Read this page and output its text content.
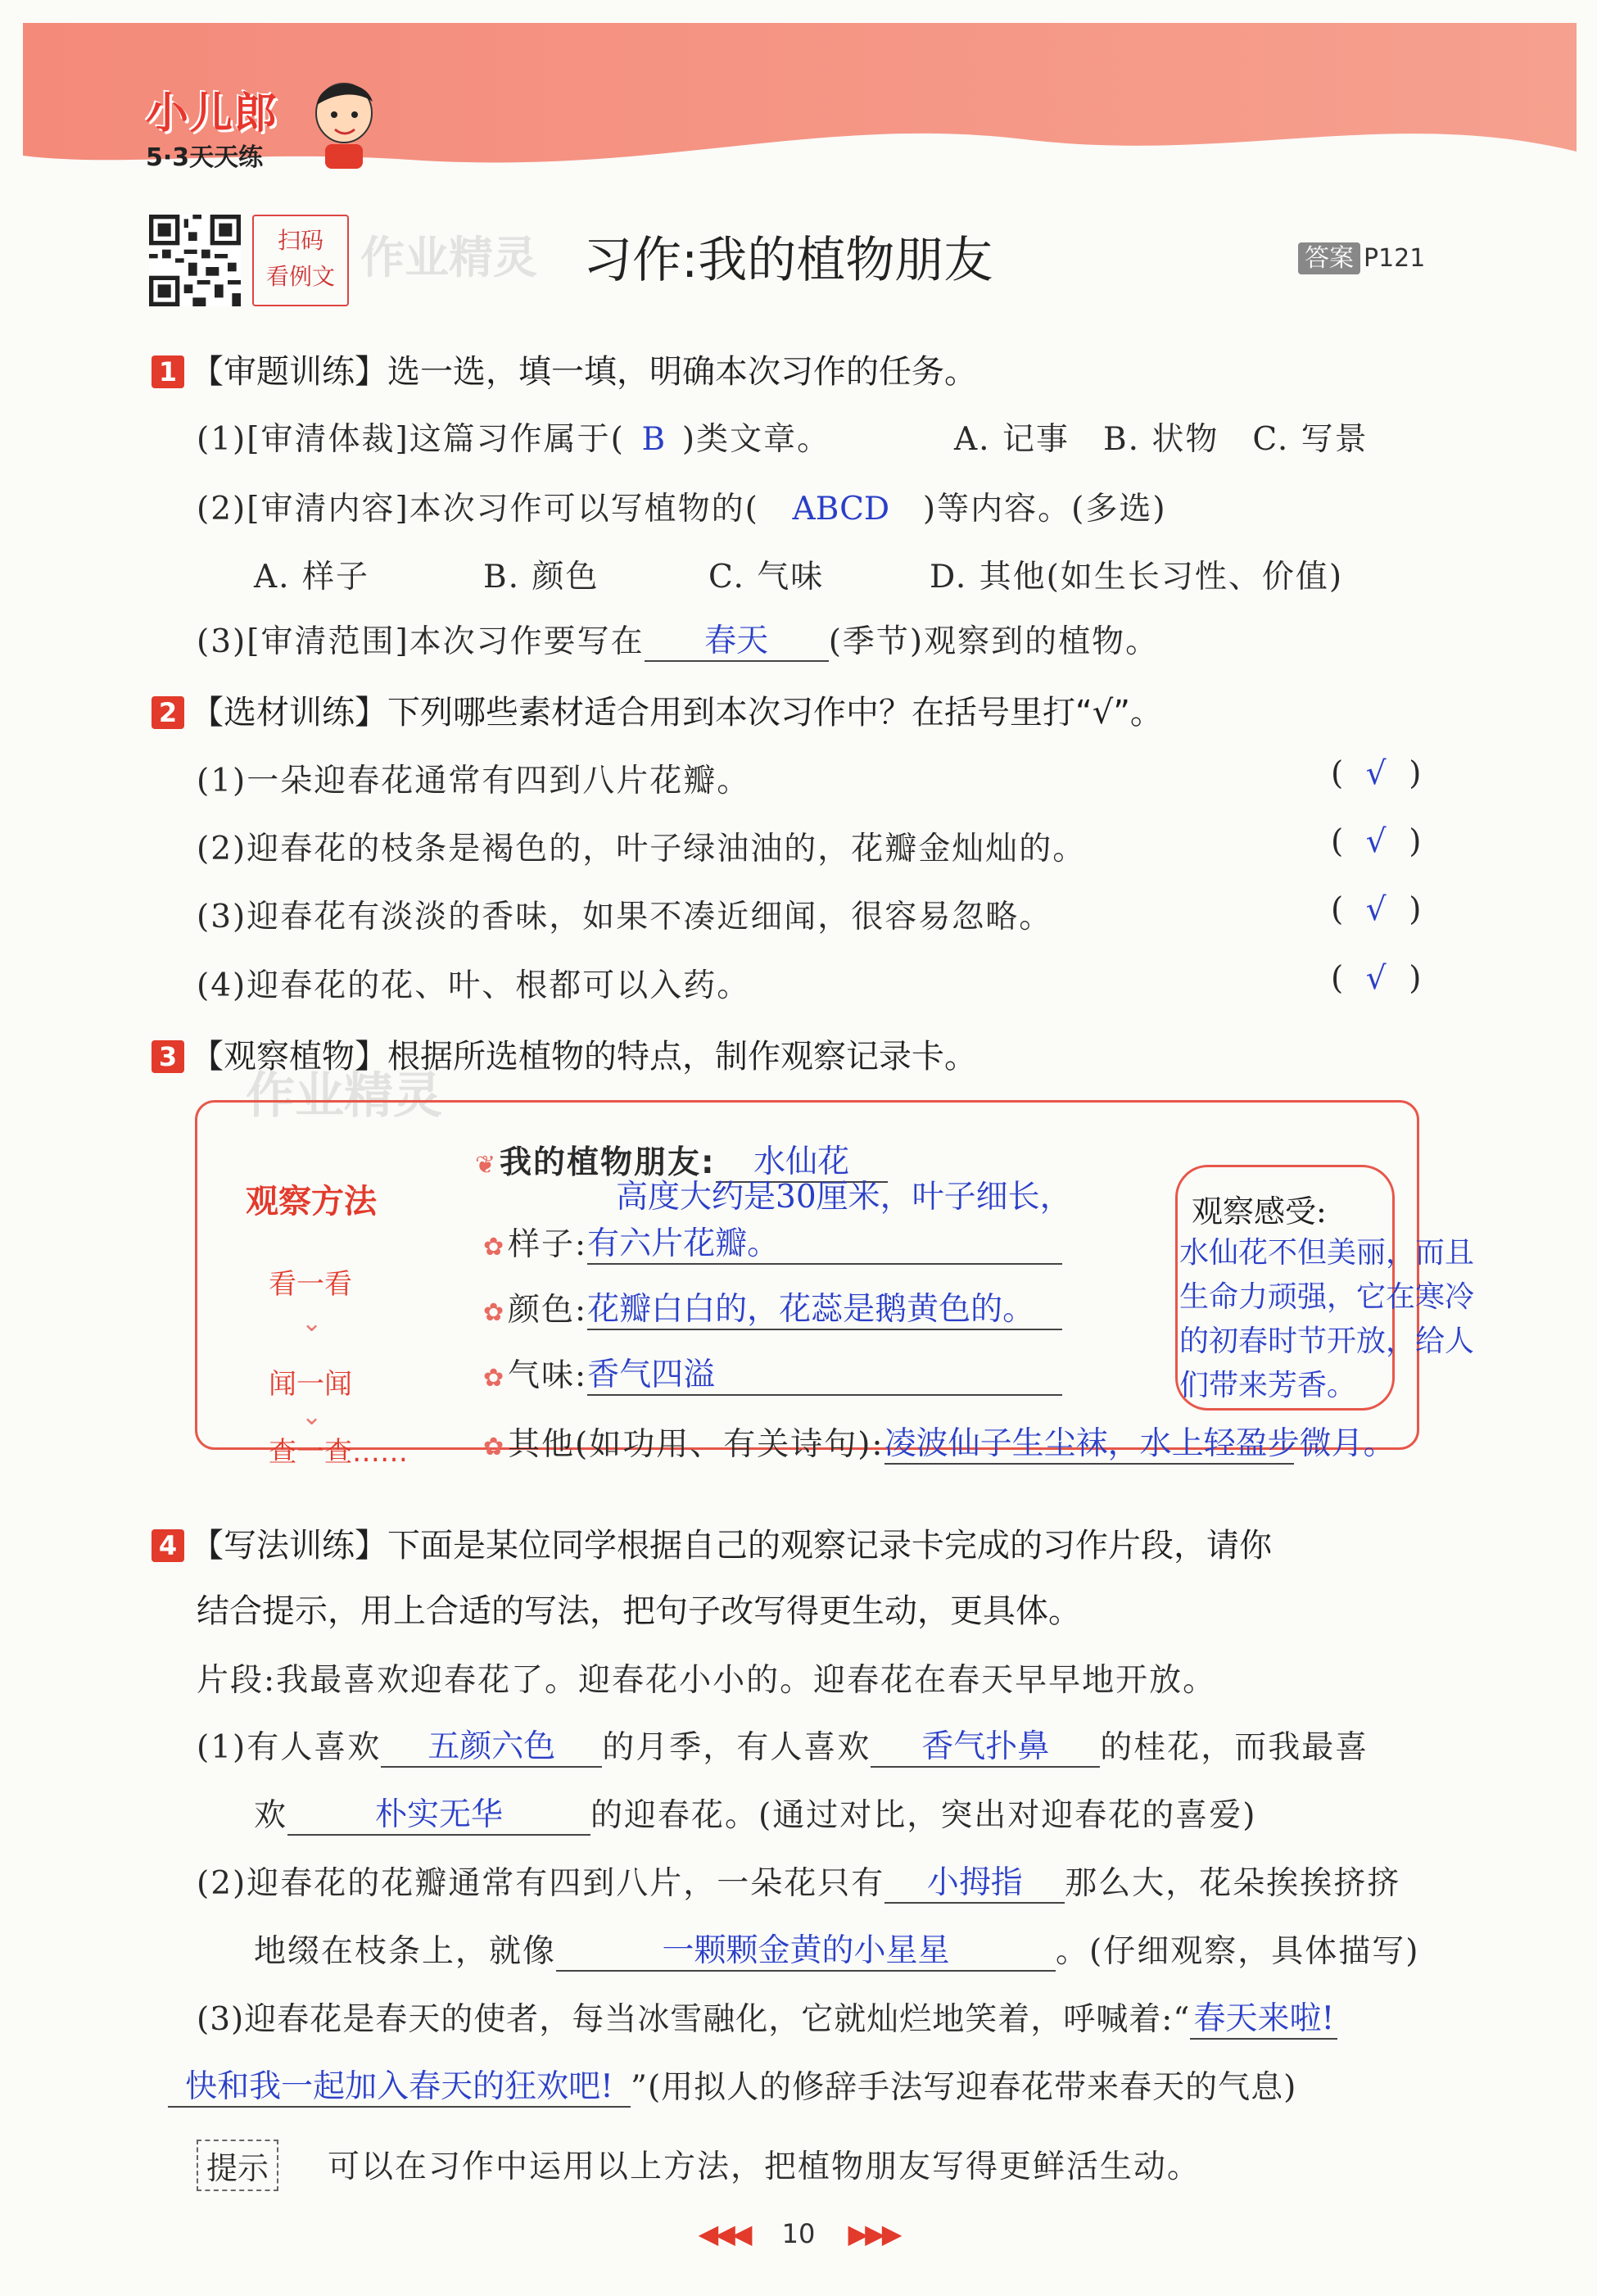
小儿郎
5·3天天练
扫码
看例文 作业精灵 习作:我的植物朋友	答案 P121
1 【审题训练】选一选，填一填，明确本次习作的任务。
(1)[审清体裁]这篇习作属于( B )类文章。	A. 记事　B. 状物　C. 写景
(2)[审清内容]本次习作可以写植物的( ABCD )等内容。(多选)
A. 样子	B. 颜色	C. 气味	D. 其他(如生长习性、价值)
(3)[审清范围]本次习作要写在 春天 (季节)观察到的植物。
2 【选材训练】下列哪些素材适合用到本次习作中？在括号里打“√”。
(1)一朵迎春花通常有四到八片花瓣。	( √ )
(2)迎春花的枝条是褐色的，叶子绿油油的，花瓣金灿灿的。	( √ )
(3)迎春花有淡淡的香味，如果不凑近细闻，很容易忽略。	( √ )
(4)迎春花的花、叶、根都可以入药。	( √ )
3 【观察植物】根据所选植物的特点，制作观察记录卡。
作业精灵
观察方法
看一看
⌄
闻一闻
⌄
查一查……
❦我的植物朋友: 水仙花
高度大约是30厘米，叶子细长，
✿样子:有六片花瓣。
✿颜色:花瓣白白的，花蕊是鹅黄色的。
✿气味:香气四溢
✿其他(如功用、有关诗句):凌波仙子生尘袜，水上轻盈步微月。
观察感受:
水仙花不但美丽，而且
生命力顽强，它在寒冷
的初春时节开放，给人
们带来芳香。
4 【写法训练】下面是某位同学根据自己的观察记录卡完成的习作片段，请你
结合提示，用上合适的写法，把句子改写得更生动，更具体。
片段:我最喜欢迎春花了。迎春花小小的。迎春花在春天早早地开放。
(1)有人喜欢 五颜六色 的月季，有人喜欢 香气扑鼻 的桂花，而我最喜
欢	朴实无华	的迎春花。(通过对比，突出对迎春花的喜爱)
(2)迎春花的花瓣通常有四到八片，一朵花只有 小拇指 那么大，花朵挨挨挤挤
地缀在枝条上，就像	一颗颗金黄的小星星	。(仔细观察，具体描写)
(3)迎春花是春天的使者，每当冰雪融化，它就灿烂地笑着，呼喊着:“ 春天来啦!
快和我一起加入春天的狂欢吧! ”(用拟人的修辞手法写迎春花带来春天的气息)
提示	可以在习作中运用以上方法，把植物朋友写得更鲜活生动。
◀◀◀ 10 ▶▶▶
